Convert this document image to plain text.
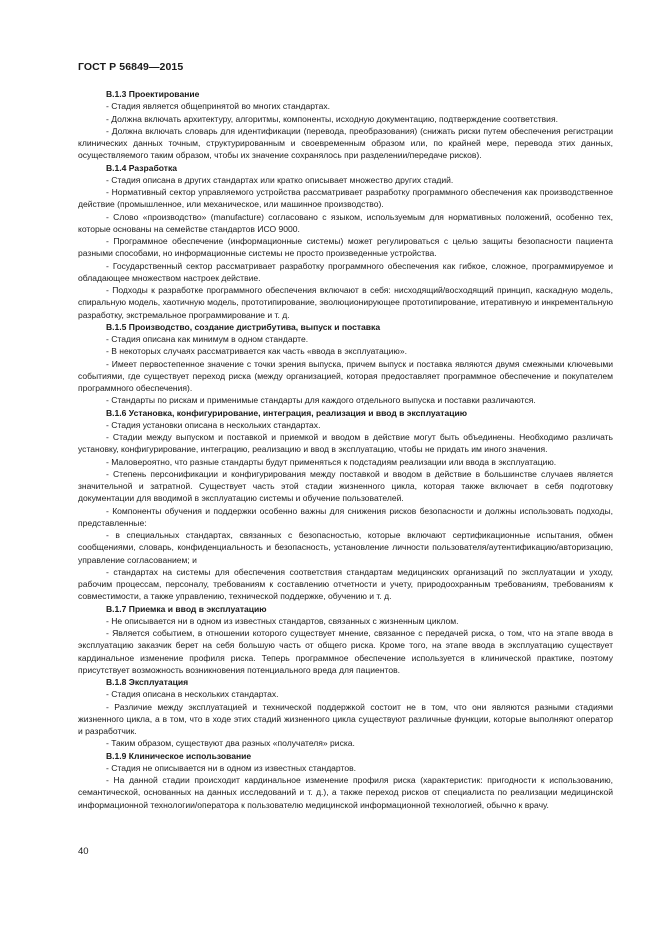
ГОСТ Р 56849—2015

В.1.3 Проектирование

- Стадия является общепринятой во многих стандартах.

- Должна включать архитектуру, алгоритмы, компоненты, исходную документацию, подтверждение соответствия.

- Должна включать словарь для идентификации (перевода, преобразования) (снижать риски путем обеспечения регистрации клинических данных точным, структурированным и своевременным образом или, по крайней мере, перевода этих данных, осуществляемого таким образом, чтобы их значение сохранялось при разделении/передаче рисков).

В.1.4 Разработка

- Стадия описана в других стандартах или кратко описывает множество других стадий.

- Нормативный сектор управляемого устройства рассматривает разработку программного обеспечения как производственное действие (промышленное, или механическое, или машинное производство).

- Слово «производство» (manufacture) согласовано с языком, используемым для нормативных положений, особенно тех, которые основаны на семействе стандартов ИСО 9000.

- Программное обеспечение (информационные системы) может регулироваться с целью защиты безопасности пациента разными способами, но информационные системы не просто произведенные устройства.

- Государственный сектор рассматривает разработку программного обеспечения как гибкое, сложное, программируемое и обладающее множеством настроек действие.

- Подходы к разработке программного обеспечения включают в себя: нисходящий/восходящий принцип, каскадную модель, спиральную модель, хаотичную модель, прототипирование, эволюционирующее прототипирование, итеративную и инкрементальную разработку, экстремальное программирование и т. д.

В.1.5 Производство, создание дистрибутива, выпуск и поставка

- Стадия описана как минимум в одном стандарте.

- В некоторых случаях рассматривается как часть «ввода в эксплуатацию».

- Имеет первостепенное значение с точки зрения выпуска, причем выпуск и поставка являются двумя смежными ключевыми событиями, где существует переход риска (между организацией, которая предоставляет программное обеспечение и покупателем программного обеспечения).

- Стандарты по рискам и применимые стандарты для каждого отдельного выпуска и поставки различаются.

В.1.6 Установка, конфигурирование, интеграция, реализация и ввод в эксплуатацию

- Стадия установки описана в нескольких стандартах.

- Стадии между выпуском и поставкой и приемкой и вводом в действие могут быть объединены. Необходимо различать установку, конфигурирование, интеграцию, реализацию и ввод в эксплуатацию, чтобы не придать им иного значения.

- Маловероятно, что разные стандарты будут применяться к подстадиям реализации или ввода в эксплуатацию.

- Степень персонификации и конфигурирования между поставкой и вводом в действие в большинстве случаев является значительной и затратной. Существует часть этой стадии жизненного цикла, которая также включает в себя подготовку документации для вводимой в эксплуатацию системы и обучение пользователей.

- Компоненты обучения и поддержки особенно важны для снижения рисков безопасности и должны использовать подходы, представленные:

- в специальных стандартах, связанных с безопасностью, которые включают сертификационные испытания, обмен сообщениями, словарь, конфиденциальность и безопасность, установление личности пользователя/аутентификацию/авторизацию, управление согласованием; и

- стандартах на системы для обеспечения соответствия стандартам медицинских организаций по эксплуатации и уходу, рабочим процессам, персоналу, требованиям к составлению отчетности и учету, природоохранным требованиям, требованиям к совместимости, а также управлению, технической поддержке, обучению и т. д.

В.1.7 Приемка и ввод в эксплуатацию

- Не описывается ни в одном из известных стандартов, связанных с жизненным циклом.

- Является событием, в отношении которого существует мнение, связанное с передачей риска, о том, что на этапе ввода в эксплуатацию заказчик берет на себя большую часть от общего риска. Кроме того, на этапе ввода в эксплуатацию существует кардинальное изменение профиля риска. Теперь программное обеспечение используется в клинической практике, поэтому присутствует возможность возникновения потенциального вреда для пациентов.

В.1.8 Эксплуатация

- Стадия описана в нескольких стандартах.

- Различие между эксплуатацией и технической поддержкой состоит не в том, что они являются разными стадиями жизненного цикла, а в том, что в ходе этих стадий жизненного цикла существуют различные функции, которые выполняют оператор и разработчик.

- Таким образом, существуют два разных «получателя» риска.

В.1.9 Клиническое использование

- Стадия не описывается ни в одном из известных стандартов.

- На данной стадии происходит кардинальное изменение профиля риска (характеристик: пригодности к использованию, семантической, основанных на данных исследований и т. д.), а также переход рисков от специалиста по реализации медицинской информационной технологии/оператора к пользователю медицинской информационной технологией, обычно к врачу.

40
